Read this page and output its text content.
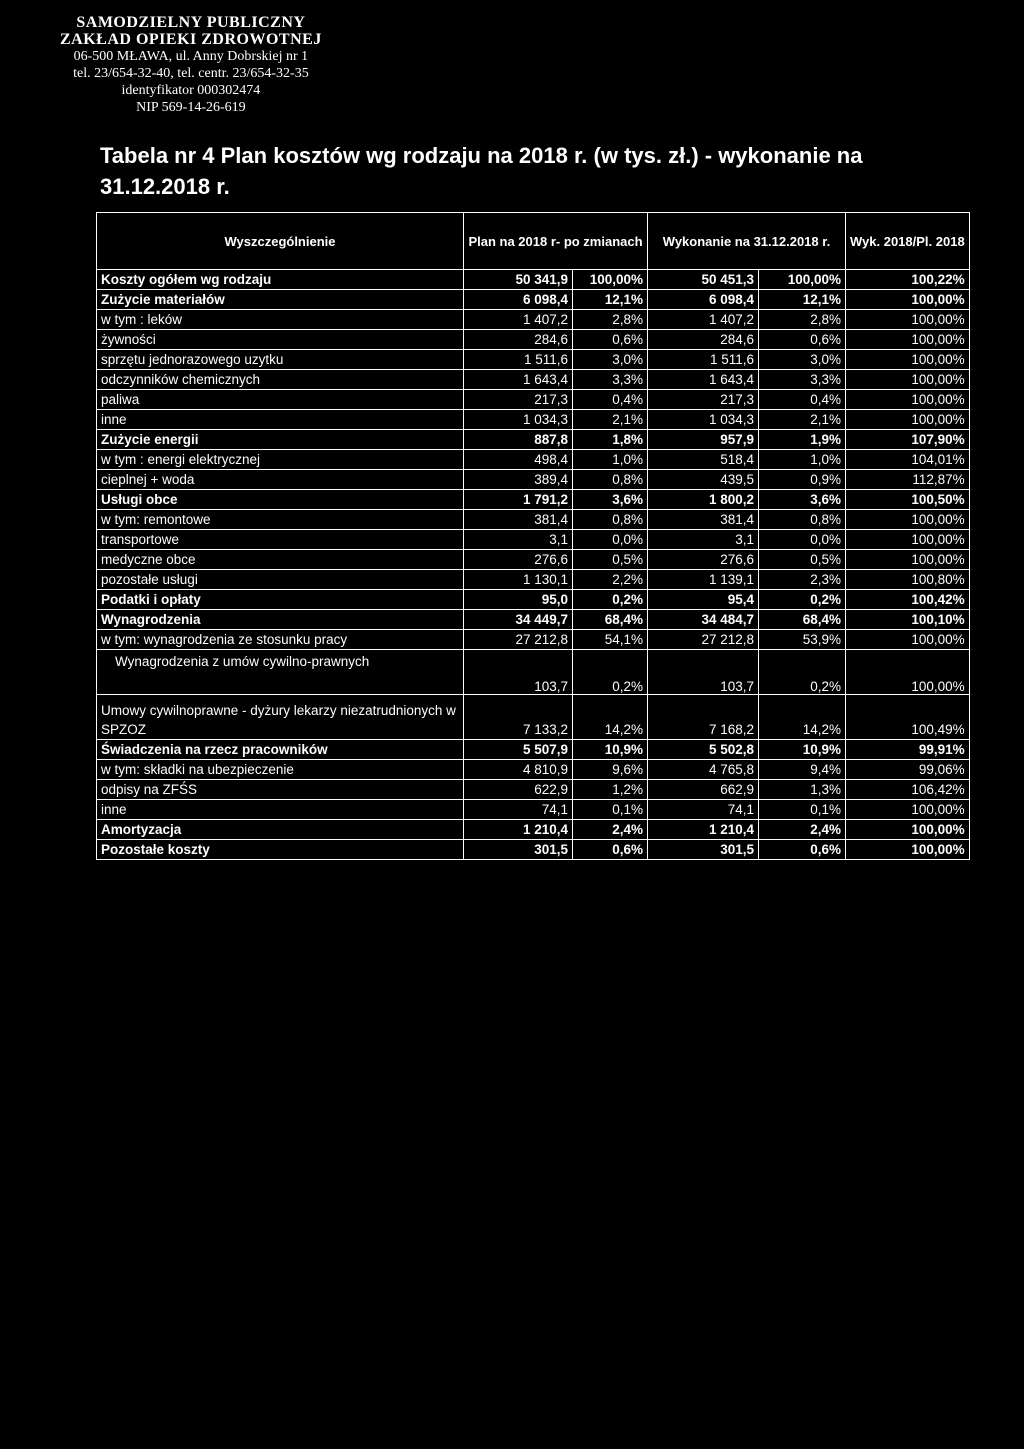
SAMODZIELNY PUBLICZNY
ZAKŁAD OPIEKI ZDROWOTNEJ
06-500 MŁAWA, ul. Anny Dobrskiej nr 1
tel. 23/654-32-40, tel. centr. 23/654-32-35
identyfikator 000302474
NIP 569-14-26-619
Tabela nr 4 Plan kosztów wg rodzaju na 2018 r. (w tys. zł.) - wykonanie na 31.12.2018 r.
Wyszczególnienie	Plan na 2018 r- po zmianach		Wykonanie na 31.12.2018 r.		Wyk. 2018/Pl. 2018
Koszty ogółem wg rodzaju	50 341,9	100,00%	50 451,3	100,00%	100,22%
Zużycie materiałów	6 098,4	12,1%	6 098,4	12,1%	100,00%
w tym : leków	1 407,2	2,8%	1 407,2	2,8%	100,00%
żywności	284,6	0,6%	284,6	0,6%	100,00%
sprzętu jednorazowego uzytku	1 511,6	3,0%	1 511,6	3,0%	100,00%
odczynników chemicznych	1 643,4	3,3%	1 643,4	3,3%	100,00%
paliwa	217,3	0,4%	217,3	0,4%	100,00%
inne	1 034,3	2,1%	1 034,3	2,1%	100,00%
Zużycie energii	887,8	1,8%	957,9	1,9%	107,90%
w tym : energi elektrycznej	498,4	1,0%	518,4	1,0%	104,01%
cieplnej + woda	389,4	0,8%	439,5	0,9%	112,87%
Usługi obce	1 791,2	3,6%	1 800,2	3,6%	100,50%
w tym: remontowe	381,4	0,8%	381,4	0,8%	100,00%
transportowe	3,1	0,0%	3,1	0,0%	100,00%
medyczne obce	276,6	0,5%	276,6	0,5%	100,00%
pozostałe usługi	1 130,1	2,2%	1 139,1	2,3%	100,80%
Podatki i opłaty	95,0	0,2%	95,4	0,2%	100,42%
Wynagrodzenia	34 449,7	68,4%	34 484,7	68,4%	100,10%
w tym: wynagrodzenia ze stosunku pracy	27 212,8	54,1%	27 212,8	53,9%	100,00%
Wynagrodzenia z umów cywilno-prawnych	103,7	0,2%	103,7	0,2%	100,00%
Umowy cywilnoprawne - dyżury lekarzy niezatrudnionych w SPZOZ	7 133,2	14,2%	7 168,2	14,2%	100,49%
Świadczenia na rzecz pracowników	5 507,9	10,9%	5 502,8	10,9%	99,91%
w tym: składki na ubezpieczenie	4 810,9	9,6%	4 765,8	9,4%	99,06%
odpisy na ZFŚS	622,9	1,2%	662,9	1,3%	106,42%
inne	74,1	0,1%	74,1	0,1%	100,00%
Amortyzacja	1 210,4	2,4%	1 210,4	2,4%	100,00%
Pozostałe koszty	301,5	0,6%	301,5	0,6%	100,00%
